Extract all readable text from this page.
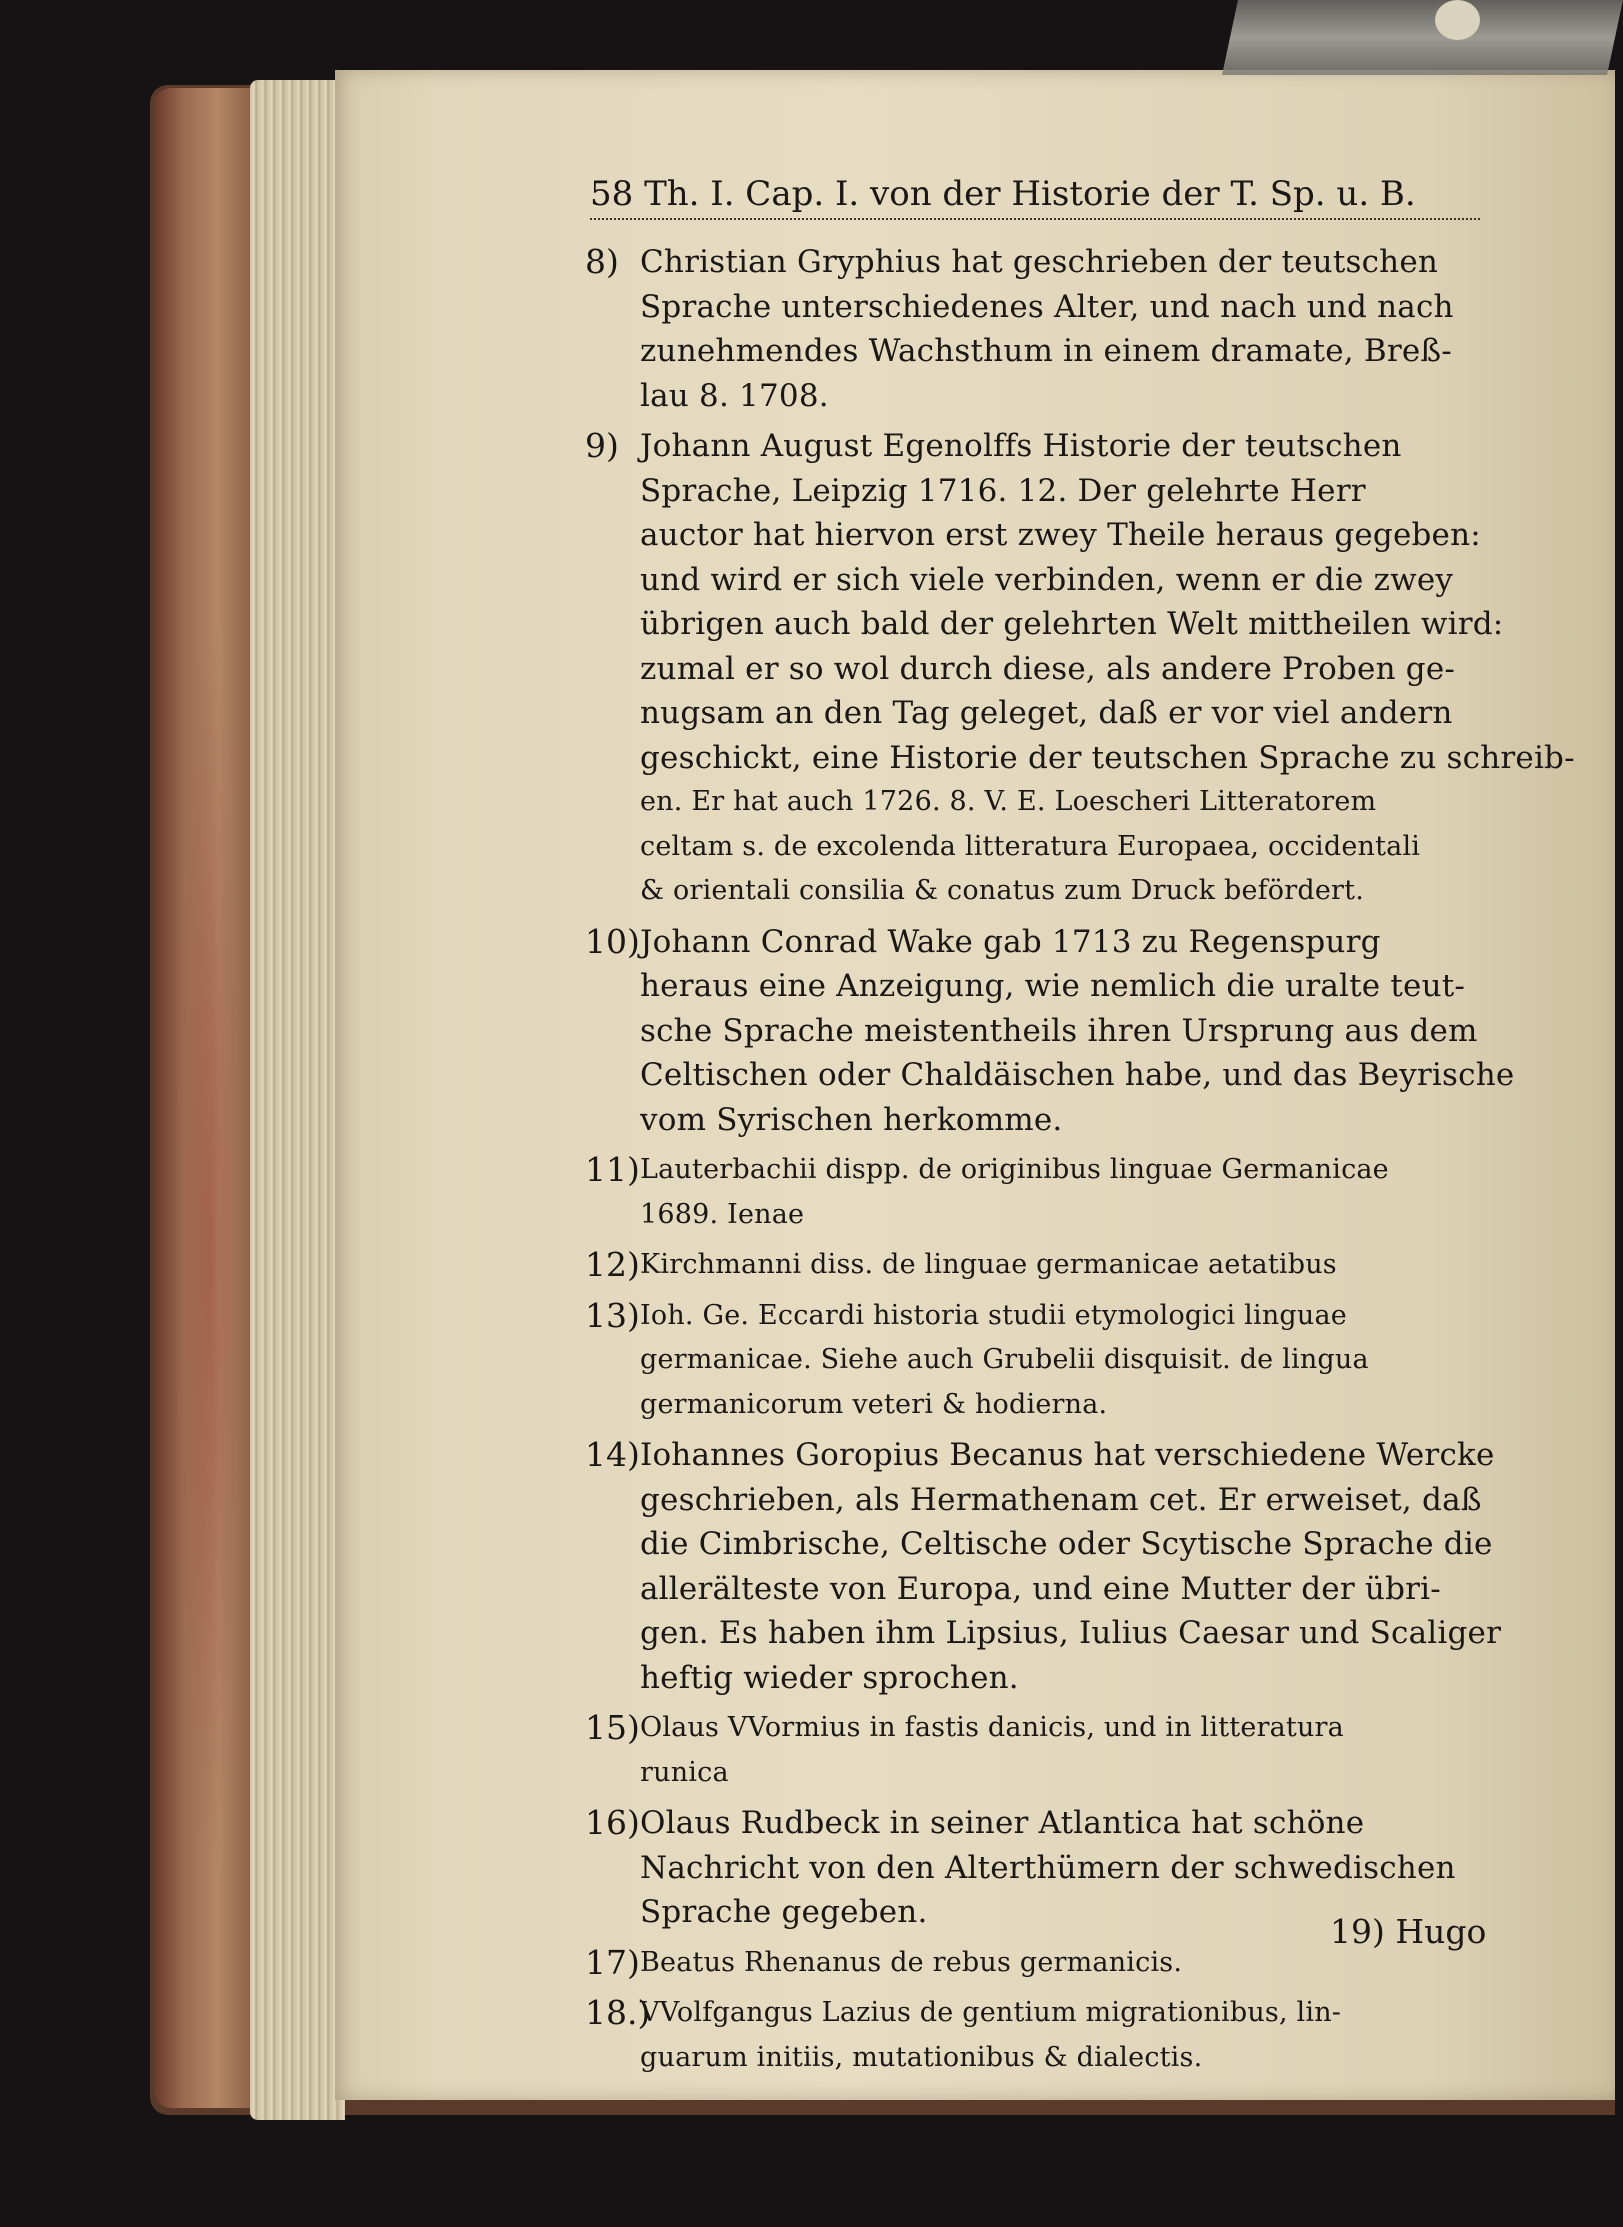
58 Th. I. Cap. I. von der Historie der T. Sp. u. B.
8) Christian Gryphius hat geschrieben der teutschen
Sprache unterschiedenes Alter, und nach und nach
zunehmendes Wachsthum in einem dramate, Breß-
lau 8. 1708.
9) Johann August Egenolffs Historie der teutschen
Sprache, Leipzig 1716. 12. Der gelehrte Herr
auctor hat hiervon erst zwey Theile heraus gegeben:
und wird er sich viele verbinden, wenn er die zwey
übrigen auch bald der gelehrten Welt mittheilen wird:
zumal er so wol durch diese, als andere Proben ge-
nugsam an den Tag geleget, daß er vor viel andern
geschickt, eine Historie der teutschen Sprache zu schreib-
en. Er hat auch 1726. 8. V. E. Loescheri Litteratorem
celtam s. de excolenda litteratura Europaea, occidentali
& orientali consilia & conatus zum Druck befördert.
10) Johann Conrad Wake gab 1713 zu Regenspurg
heraus eine Anzeigung, wie nemlich die uralte teut-
sche Sprache meistentheils ihren Ursprung aus dem
Celtischen oder Chaldäischen habe, und das Beyrische
vom Syrischen herkomme.
11) Lauterbachii dispp. de originibus linguae Germanicae
1689. Ienae
12) Kirchmanni diss. de linguae germanicae aetatibus
13) Ioh. Ge. Eccardi historia studii etymologici linguae
germanicae. Siehe auch Grubelii disquisit. de lingua
germanicorum veteri & hodierna.
14) Iohannes Goropius Becanus hat verschiedene Wercke
geschrieben, als Hermathenam cet. Er erweiset, daß
die Cimbrische, Celtische oder Scytische Sprache die
allerälteste von Europa, und eine Mutter der übri-
gen. Es haben ihm Lipsius, Iulius Caesar und Scaliger
heftig wieder sprochen.
15) Olaus VVormius in fastis danicis, und in litteratura
runica
16) Olaus Rudbeck in seiner Atlantica hat schöne
Nachricht von den Alterthümern der schwedischen
Sprache gegeben.
17) Beatus Rhenanus de rebus germanicis.
18.)
VVolfgangus Lazius de gentium migrationibus, lin-
guarum initiis, mutationibus & dialectis.
19) Hugo
